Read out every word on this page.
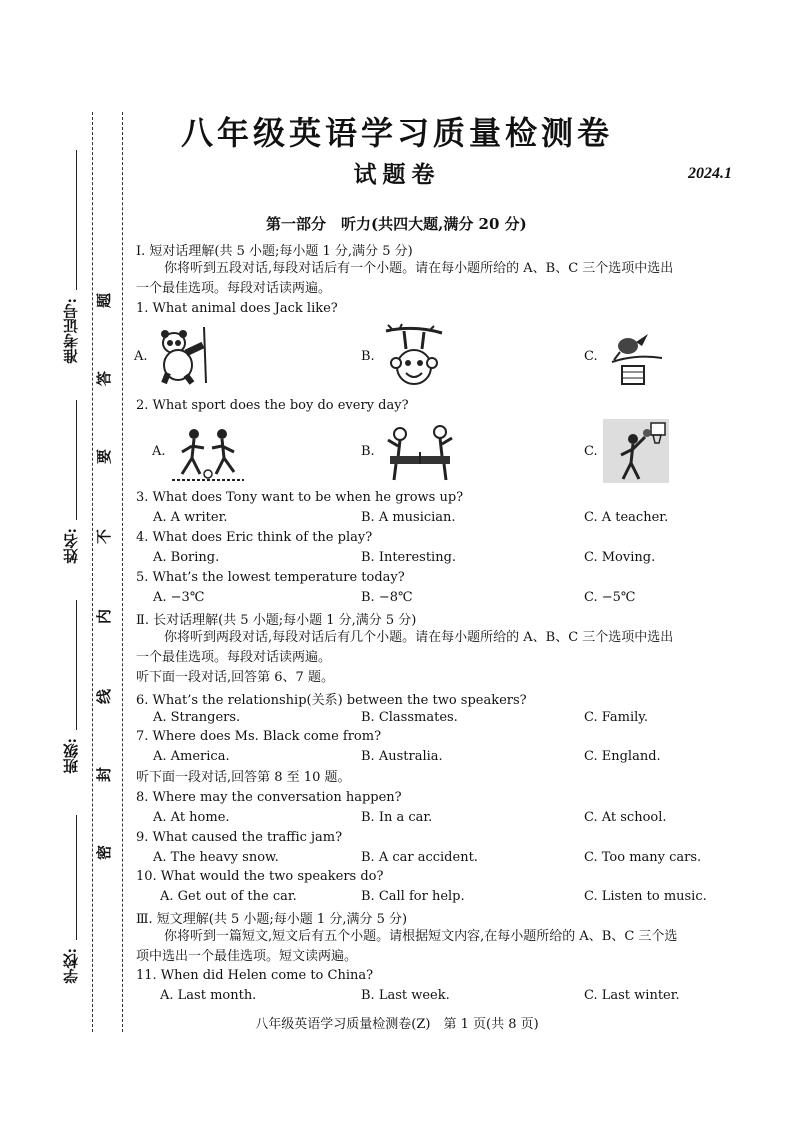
准考证号:
姓名:
班级:
学校:
题
答
要
不
内
线
封
密
八年级英语学习质量检测卷
试题卷	2024.1
第一部分　听力(共四大题,满分 20 分)
Ⅰ. 短对话理解(共 5 小题;每小题 1 分,满分 5 分)
你将听到五段对话,每段对话后有一个小题。请在每小题所给的 A、B、C 三个选项中选出
一个最佳选项。每段对话读两遍。
1. What animal does Jack like?
A.	B.	C.
2. What sport does the boy do every day?
A.	B.	C.
3. What does Tony want to be when he grows up?
A. A writer.	B. A musician.	C. A teacher.
4. What does Eric think of the play?
A. Boring.	B. Interesting.	C. Moving.
5. What’s the lowest temperature today?
A. −3℃	B. −8℃	C. −5℃
Ⅱ. 长对话理解(共 5 小题;每小题 1 分,满分 5 分)
你将听到两段对话,每段对话后有几个小题。请在每小题所给的 A、B、C 三个选项中选出
一个最佳选项。每段对话读两遍。
听下面一段对话,回答第 6、7 题。
6. What’s the relationship(关系) between the two speakers?
A. Strangers.	B. Classmates.	C. Family.
7. Where does Ms. Black come from?
A. America.	B. Australia.	C. England.
听下面一段对话,回答第 8 至 10 题。
8. Where may the conversation happen?
A. At home.	B. In a car.	C. At school.
9. What caused the traffic jam?
A. The heavy snow.	B. A car accident.	C. Too many cars.
10. What would the two speakers do?
A. Get out of the car.	B. Call for help.	C. Listen to music.
Ⅲ. 短文理解(共 5 小题;每小题 1 分,满分 5 分)
你将听到一篇短文,短文后有五个小题。请根据短文内容,在每小题所给的 A、B、C 三个选
项中选出一个最佳选项。短文读两遍。
11. When did Helen come to China?
A. Last month.	B. Last week.	C. Last winter.
八年级英语学习质量检测卷(Z)　第 1 页(共 8 页)
